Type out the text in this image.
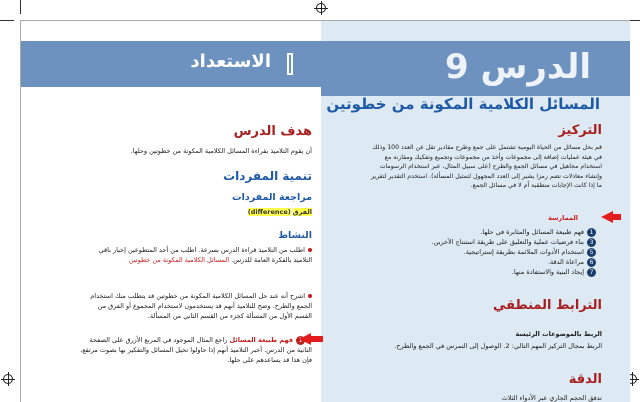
الاستعداد	الدرس 9
المسائل الكلامية المكونة من خطوتين
هدف الدرس
أن يقوم التلاميذ بقراءة المسائل الكلامية المكونة من خطوتين وحلها.
تنمية المفردات
مراجعة المفردات
الفرق (difference)
النشاط
اطلب من التلاميذ قراءة الدرس بسرعة. اطلب من أحد المتطوعين إخبار باقي التلاميذ بالفكرة العامة للدرس. المسائل الكلامية المكونة من خطوتين
اشرح أنه عند حل المسائل الكلامية المكونة من خطوتين قد يتطلب منك استخدام الجمع والطرح. وضح للتلاميذ أنهم قد يستخدمون لاستخدام المجموع أو الفرق من القسم الأول من المسألة كجزء من القسم الثاني من المسألة.
1فهم طبيعة المسائل راجع المثال الموجود في المربع الأزرق على الصفحة الثانية من الدرس. أخبر التلاميذ أنهم إذا حاولوا تخيل المسائل والتفكير بها بصوت مرتفع، فإن هذا قد يساعدهم على حلها.
التركيز
قم بحل مسائل من الحياة اليومية تشتمل على جمع وطرح مقادير تقل عن العدد 100 وذلك في هيئة عمليات إضافة إلى مجموعات وأخذ من مجموعات وتجميع وتفكيك ومقارنة مع استخدام مجاهيل في مسائل الجمع والطرح (على سبيل المثال، عبر استخدام الرسومات وإنشاء معادلات تضم رمزا يشير إلى العدد المجهول لتمثيل المسألة). استخدم التقدير لتقرير ما إذا كانت الإجابات منطقية أم لا في مسائل الجمع.
الممارسة
1فهم طبيعة المسائل والمثابرة في حلها.
3بناء فرضيات عملية والتعليق على طريقة استنتاج الآخرين.
5استخدام الأدوات الملائمة بطريقة إستراتيجية.
6مراعاة الدقة.
7إيجاد البنية والاستفادة منها.
الترابط المنطقي
الربط بالموضوعات الرئيسة
الربط بمجال التركيز المهم التالي: 2. الوصول إلى التمرس في الجمع والطرح.
الدقة
تدفق الحجم الجاري عبر الأدواء الثلاث
